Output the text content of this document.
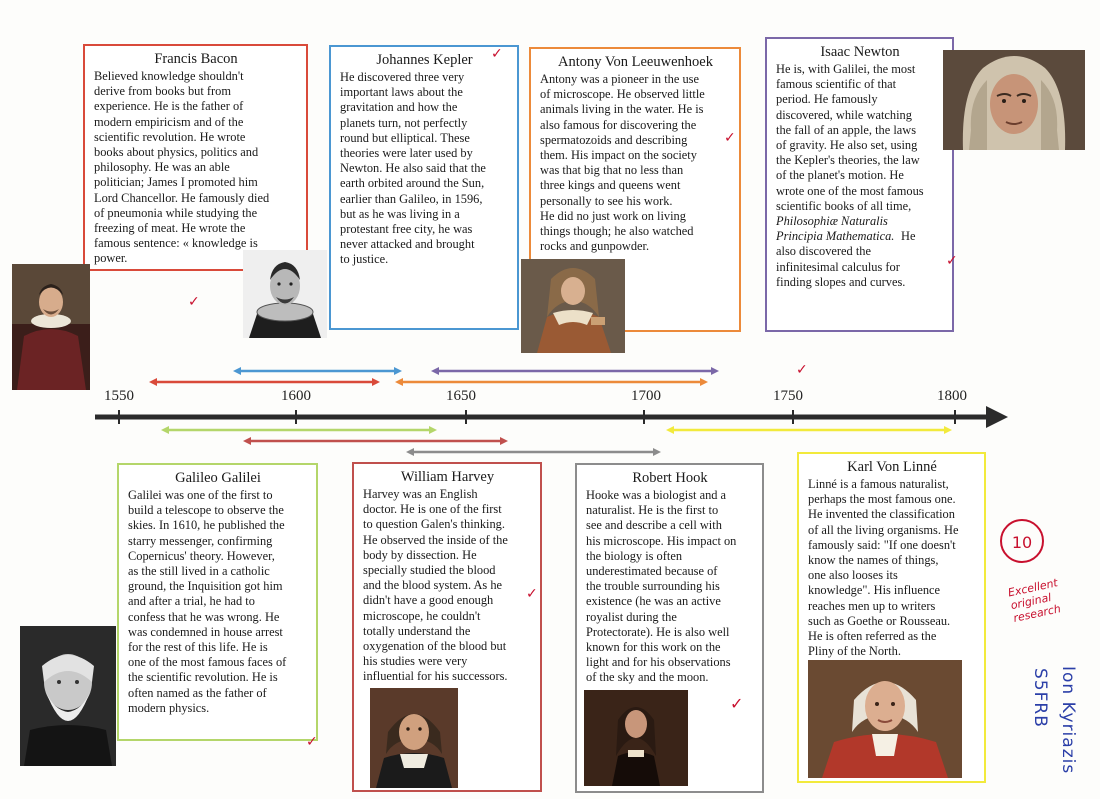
1550	1600	1650	1700	1750	1800
Francis Bacon
Believed knowledge shouldn't
derive from books but from
experience. He is the father of
modern empiricism and of the
scientific revolution. He wrote
books about physics, politics and
philosophy. He was an able
politician; James I promoted him
Lord Chancellor. He famously died
of pneumonia while studying the
freezing of meat. He wrote the
famous sentence: « knowledge is
power.
Johannes Kepler
He discovered three very
important laws about the
gravitation and how the
planets turn, not perfectly
round but elliptical. These
theories were later used by
Newton. He also said that the
earth orbited around the Sun,
earlier than Galileo, in 1596,
but as he was living in a
protestant free city, he was
never attacked and brought
to justice.
Antony Von Leeuwenhoek
Antony was a pioneer in the use
of microscope. He observed little
animals living in the water. He is
also famous for discovering the
spermatozoids and describing
them. His impact on the society
was that big that no less than
three kings and queens went
personally to see his work.
He did no just work on living
things though; he also watched
rocks and gunpowder.
Isaac Newton
He is, with Galilei, the most
famous scientific of that
period. He famously
discovered, while watching
the fall of an apple, the laws
of gravity. He also set, using
the Kepler's theories, the law
of the planet's motion. He
wrote one of the most famous
scientific books of all time,
Philosophiæ Naturalis
Principia Mathematica. He
also discovered the
infinitesimal calculus for
finding slopes and curves.
Galileo Galilei
Galilei was one of the first to
build a telescope to observe the
skies. In 1610, he published the
starry messenger, confirming
Copernicus' theory. However,
as the still lived in a catholic
ground, the Inquisition got him
and after a trial, he had to
confess that he was wrong. He
was condemned in house arrest
for the rest of this life. He is
one of the most famous faces of
the scientific revolution. He is
often named as the father of
modern physics.
William Harvey
Harvey was an English
doctor. He is one of the first
to question Galen's thinking.
He observed the inside of the
body by dissection. He
specially studied the blood
and the blood system. As he
didn't have a good enough
microscope, he couldn't
totally understand the
oxygenation of the blood but
his studies were very
influential for his successors.
Robert Hook
Hooke was a biologist and a
naturalist. He is the first to
see and describe a cell with
his microscope. His impact on
the biology is often
underestimated because of
the trouble surrounding his
existence (he was an active
royalist during the
Protectorate). He is also well
known for this work on the
light and for his observations
of the sky and the moon.
Karl Von Linné
Linné is a famous naturalist,
perhaps the most famous one.
He invented the classification
of all the living organisms. He
famously said: "If one doesn't
know the names of things,
one also looses its
knowledge". His influence
reaches men up to writers
such as Goethe or Rousseau.
He is often referred as the
Pliny of the North.
✓
✓
✓
✓
✓
✓
✓
✓
10
Excellent
original research
Ion Kyriazis
S5FRB
